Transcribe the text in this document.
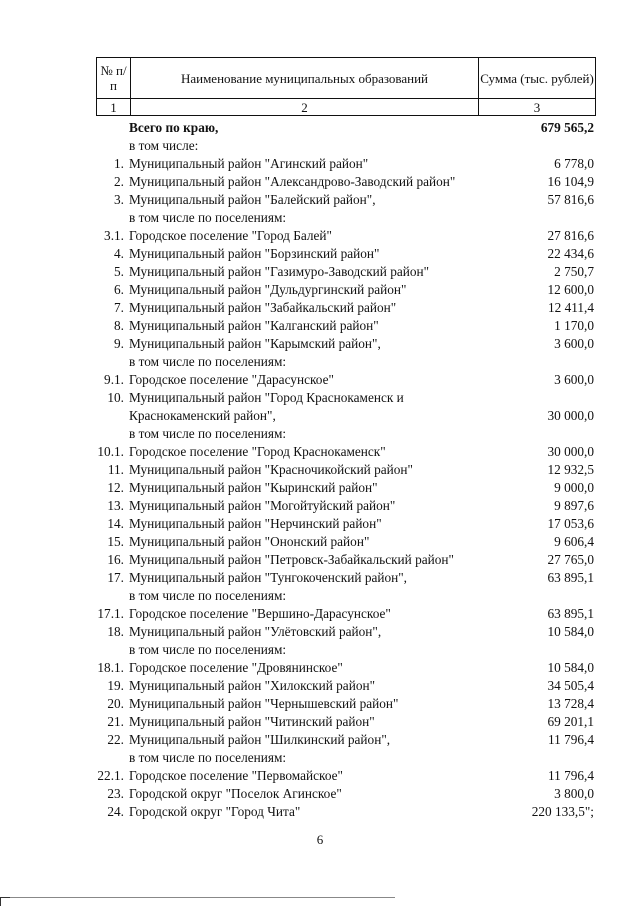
№ п/п	Наименование муниципальных образований	Сумма (тыс. рублей)
1	2	3
Всего по краю,	679 565,2
в том числе:
1. Муниципальный район "Агинский район"	6 778,0
2. Муниципальный район "Александрово-Заводский район"	16 104,9
3. Муниципальный район "Балейский район",	57 816,6
в том числе по поселениям:
3.1. Городское поселение "Город Балей"	27 816,6
4. Муниципальный район "Борзинский район"	22 434,6
5. Муниципальный район "Газимуро-Заводский район"	2 750,7
6. Муниципальный район "Дульдургинский район"	12 600,0
7. Муниципальный район "Забайкальский район"	12 411,4
8. Муниципальный район "Калганский район"	1 170,0
9. Муниципальный район "Карымский район",	3 600,0
в том числе по поселениям:
9.1. Городское поселение "Дарасунское"	3 600,0
10. Муниципальный район "Город Краснокаменск и Краснокаменский район",	30 000,0
в том числе по поселениям:
10.1. Городское поселение "Город Краснокаменск"	30 000,0
11. Муниципальный район "Красночикойский район"	12 932,5
12. Муниципальный район "Кыринский район"	9 000,0
13. Муниципальный район "Могойтуйский район"	9 897,6
14. Муниципальный район "Нерчинский район"	17 053,6
15. Муниципальный район "Ононский район"	9 606,4
16. Муниципальный район "Петровск-Забайкальский район"	27 765,0
17. Муниципальный район "Тунгокоченский район",	63 895,1
в том числе по поселениям:
17.1. Городское поселение "Вершино-Дарасунское"	63 895,1
18. Муниципальный район "Улётовский район",	10 584,0
в том числе по поселениям:
18.1. Городское поселение "Дровянинское"	10 584,0
19. Муниципальный район "Хилокский район"	34 505,4
20. Муниципальный район "Чернышевский район"	13 728,4
21. Муниципальный район "Читинский район"	69 201,1
22. Муниципальный район "Шилкинский район",	11 796,4
в том числе по поселениям:
22.1. Городское поселение "Первомайское"	11 796,4
23. Городской округ "Поселок Агинское"	3 800,0
24. Городской округ "Город Чита"	220 133,5";
6
